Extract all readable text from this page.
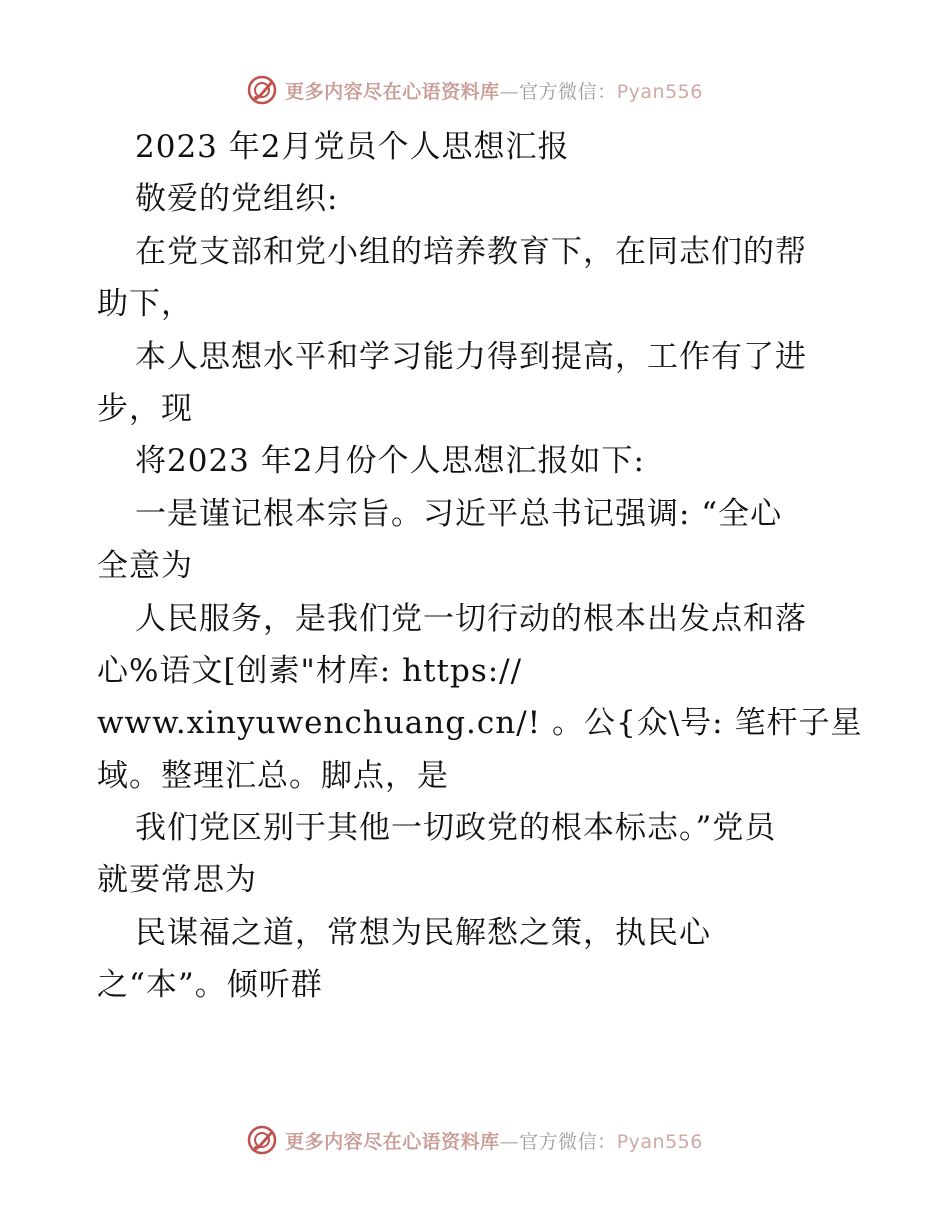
更多内容尽在心语资料库—官方微信：Pyan556
2023 年2月党员个人思想汇报
敬爱的党组织:
在党支部和党小组的培养教育下，在同志们的帮
助下，
本人思想水平和学习能力得到提高，工作有了进
步，现
将2023 年2月份个人思想汇报如下:
一是谨记根本宗旨。习近平总书记强调: “全心
全意为
人民服务，是我们党一切行动的根本出发点和落
心%语文[创素"材库: https://
www.xinyuwenchuang.cn/! 。公{众\号: 笔杆子星
域。整理汇总。脚点，是
我们党区别于其他一切政党的根本标志。”党员
就要常思为
民谋福之道，常想为民解愁之策，执民心
之“本”。倾听群
更多内容尽在心语资料库—官方微信：Pyan556
